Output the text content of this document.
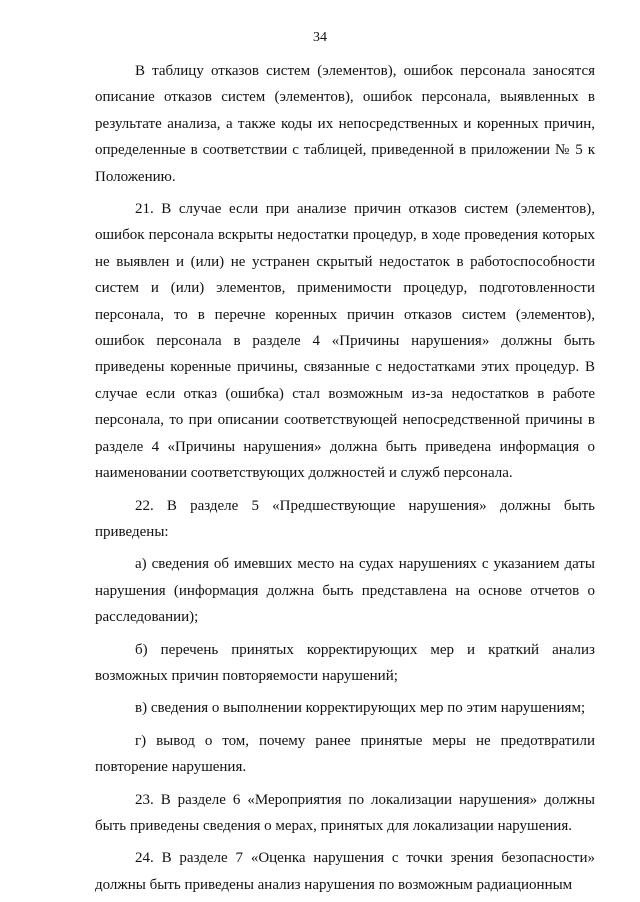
34

В таблицу отказов систем (элементов), ошибок персонала заносятся описание отказов систем (элементов), ошибок персонала, выявленных в результате анализа, а также коды их непосредственных и коренных причин, определенные в соответствии с таблицей, приведенной в приложении № 5 к Положению.

21. В случае если при анализе причин отказов систем (элементов), ошибок персонала вскрыты недостатки процедур, в ходе проведения которых не выявлен и (или) не устранен скрытый недостаток в работоспособности систем и (или) элементов, применимости процедур, подготовленности персонала, то в перечне коренных причин отказов систем (элементов), ошибок персонала в разделе 4 «Причины нарушения» должны быть приведены коренные причины, связанные с недостатками этих процедур. В случае если отказ (ошибка) стал возможным из-за недостатков в работе персонала, то при описании соответствующей непосредственной причины в разделе 4 «Причины нарушения» должна быть приведена информация о наименовании соответствующих должностей и служб персонала.

22. В разделе 5 «Предшествующие нарушения» должны быть приведены:

а) сведения об имевших место на судах нарушениях с указанием даты нарушения (информация должна быть представлена на основе отчетов о расследовании);

б) перечень принятых корректирующих мер и краткий анализ возможных причин повторяемости нарушений;

в) сведения о выполнении корректирующих мер по этим нарушениям;

г) вывод о том, почему ранее принятые меры не предотвратили повторение нарушения.

23. В разделе 6 «Мероприятия по локализации нарушения» должны быть приведены сведения о мерах, принятых для локализации нарушения.

24. В разделе 7 «Оценка нарушения с точки зрения безопасности» должны быть приведены анализ нарушения по возможным радиационным
